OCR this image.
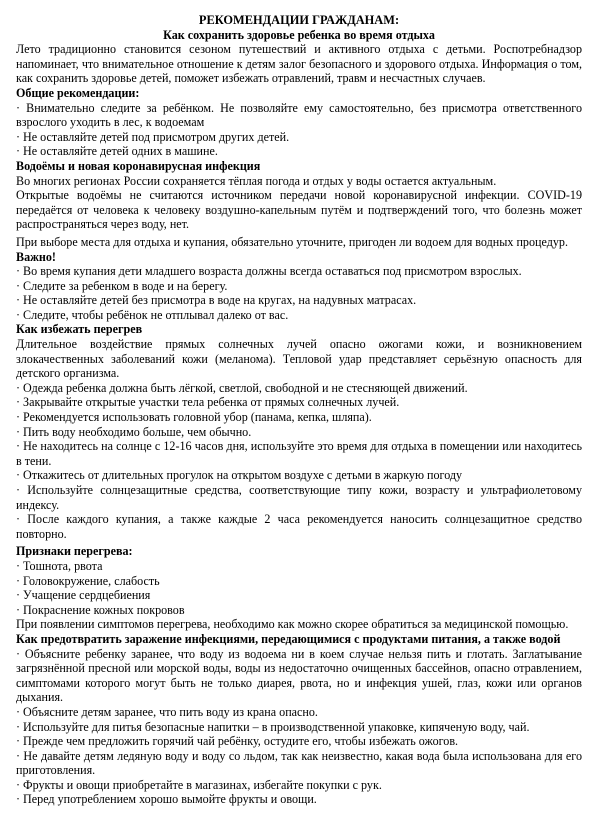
РЕКОМЕНДАЦИИ ГРАЖДАНАМ:
Как сохранить здоровье ребенка во время отдыха

Лето традиционно становится сезоном путешествий и активного отдыха с детьми. Роспотребнадзор напоминает, что внимательное отношение к детям залог безопасного и здорового отдыха. Информация о том, как сохранить здоровье детей, поможет избежать отравлений, травм и несчастных случаев.

Общие рекомендации:

· Внимательно следите за ребёнком. Не позволяйте ему самостоятельно, без присмотра ответственного взрослого уходить в лес, к водоемам

· Не оставляйте детей под присмотром других детей.

· Не оставляйте детей одних в машине.

Водоёмы и новая коронавирусная инфекция

Во многих регионах России сохраняется тёплая погода и отдых у воды остается актуальным.

Открытые водоёмы не считаются источником передачи новой коронавирусной инфекции. COVID-19 передаётся от человека к человеку воздушно-капельным путём и подтверждений того, что болезнь может распространяться через воду, нет.

При выборе места для отдыха и купания, обязательно уточните, пригоден ли водоем для водных процедур.

Важно!

· Во время купания дети младшего возраста должны всегда оставаться под присмотром взрослых.

· Следите за ребенком в воде и на берегу.

· Не оставляйте детей без присмотра в воде на кругах, на надувных матрасах.

· Следите, чтобы ребёнок не отплывал далеко от вас.

Как избежать перегрев

Длительное воздействие прямых солнечных лучей опасно ожогами кожи, и возникновением злокачественных заболеваний кожи (меланома). Тепловой удар представляет серьёзную опасность для детского организма.

· Одежда ребенка должна быть лёгкой, светлой, свободной и не стесняющей движений.

· Закрывайте открытые участки тела ребенка от прямых солнечных лучей.

· Рекомендуется использовать головной убор (панама, кепка, шляпа).

· Пить воду необходимо больше, чем обычно.

· Не находитесь на солнце с 12-16 часов дня, используйте это время для отдыха в помещении или находитесь в тени.

· Откажитесь от длительных прогулок на открытом воздухе с детьми в жаркую погоду

· Используйте солнцезащитные средства, соответствующие типу кожи, возрасту и ультрафиолетовому индексу.

· После каждого купания, а также каждые 2 часа рекомендуется наносить солнцезащитное средство повторно.

Признаки перегрева:

· Тошнота, рвота

· Головокружение, слабость

· Учащение сердцебиения

· Покраснение кожных покровов

При появлении симптомов перегрева, необходимо как можно скорее обратиться за медицинской помощью.

Как предотвратить заражение инфекциями, передающимися с продуктами питания, а также водой

· Объясните ребенку заранее, что воду из водоема ни в коем случае нельзя пить и глотать. Заглатывание загрязнённой пресной или морской воды, воды из недостаточно очищенных бассейнов, опасно отравлением, симптомами которого могут быть не только диарея, рвота, но и инфекция ушей, глаз, кожи или органов дыхания.

· Объясните детям заранее, что пить воду из крана опасно.

· Используйте для питья безопасные напитки – в производственной упаковке, кипяченую воду, чай.

· Прежде чем предложить горячий чай ребёнку, остудите его, чтобы избежать ожогов.

· Не давайте детям ледяную воду и воду со льдом, так как неизвестно, какая вода была использована для его приготовления.

· Фрукты и овощи приобретайте в магазинах, избегайте покупки с рук.

· Перед употреблением хорошо вымойте фрукты и овощи.
